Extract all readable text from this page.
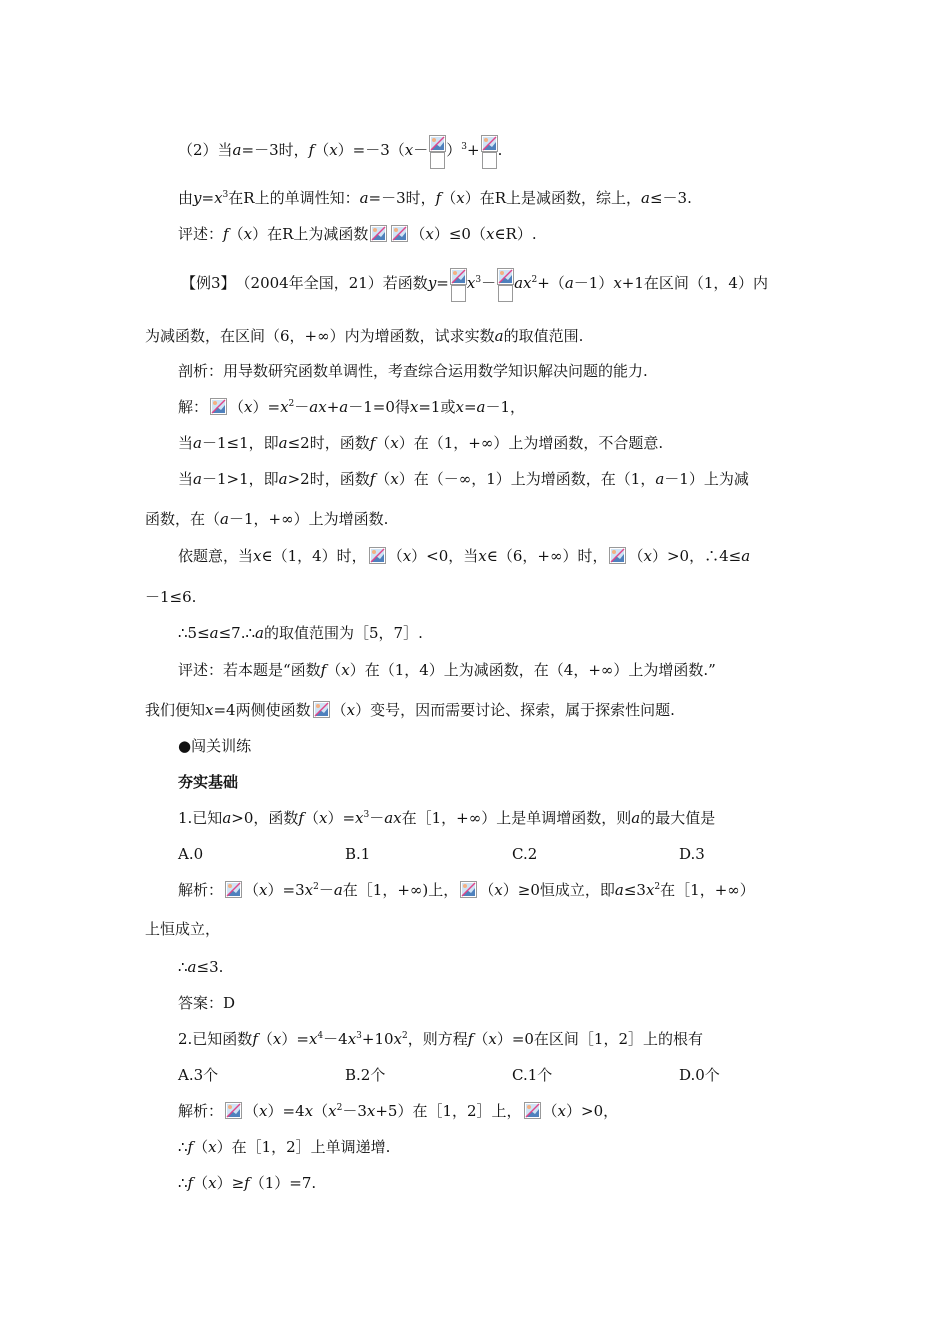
（2）当a=－3时，$f(x)=-3(x- )^3+$ .
由$y=x^3$在R上的单调性知：a=－3时，f（x）在R上是减函数，综上，a≤－3.
评述：f（x）在R上为减函数	（x）≤0（x∈R）.
【例3】　（2004年全国，21）若函数$y= x^3- ax^2+(a-1)x+1$在区间（1，4）内
为减函数，在区间（6，+∞）内为增函数，试求实数a的取值范围.
剖析：用导数研究函数单调性，考查综合运用数学知识解决问题的能力.
解： $(x)=x^2-ax+a-1=0$得x=1或x=a－1，
当a－1≤1，即a≤2时，函数f（x）在（1，+∞）上为增函数，不合题意.
当a－1>1，即a>2时，函数f（x）在（－∞，1）上为增函数，在（1，a－1）上为减
函数，在（a－1，+∞）上为增函数.
依题意，当x∈（1，4）时， （x）<0，当x∈（6，+∞）时， （x）>0，∴4≤a
－1≤6.
∴5≤a≤7.∴a的取值范围为［5，7］.
评述：若本题是“函数f（x）在（1，4）上为减函数，在（4，+∞）上为增函数.”
我们便知x=4两侧使函数 （x）变号，因而需要讨论、探索，属于探索性问题.
●闯关训练
夯实基础
1.已知a>0，函数$f(x)=x^3-ax$在［1，+∞）上是单调增函数，则a的最大值是
A.0	B.1	C.2	D.3
解析： $(x)=3x^2-a$在［1，+∞)上， （x）≥0恒成立，即$a\le 3x^2$在［1，+∞）
上恒成立，
∴a≤3.
答案：D
2.已知函数$f(x)=x^4-4x^3+10x^2$，则方程f（x）=0在区间［1，2］上的根有
A.3个	B.2个	C.1个	D.0个
解析： $(x)=4x(x^2-3x+5)$在［1，2］上， （x）>0，
∴f（x）在［1，2］上单调递增.
∴f（x）≥f（1）=7.
